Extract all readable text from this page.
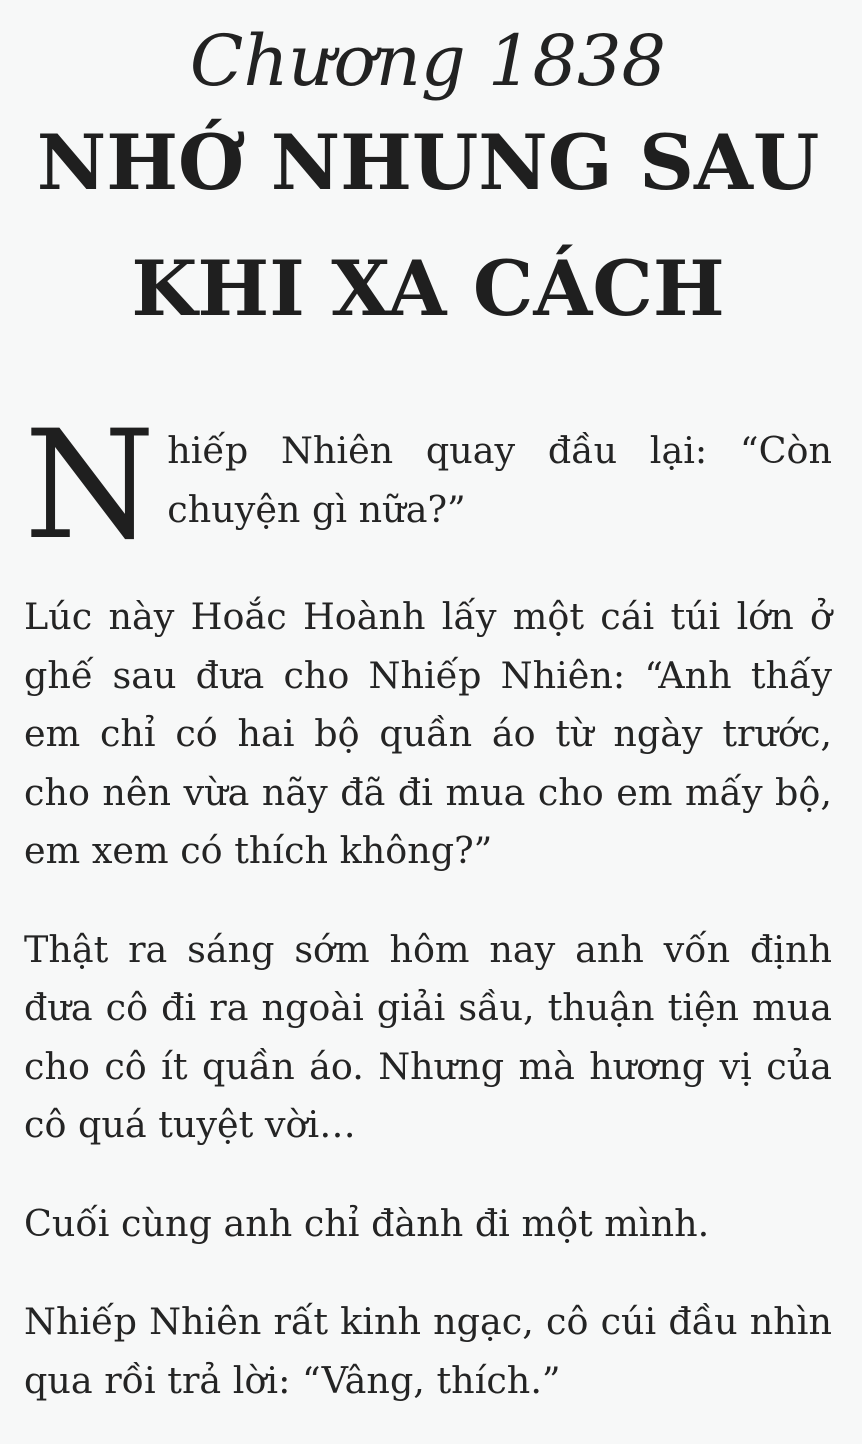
Chương 1838
NHỚ NHUNG SAU
KHI XA CÁCH

Nhiếp Nhiên quay đầu lại: “Còn chuyện gì nữa?”

Lúc này Hoắc Hoành lấy một cái túi lớn ở ghế sau đưa cho Nhiếp Nhiên: “Anh thấy em chỉ có hai bộ quần áo từ ngày trước, cho nên vừa nãy đã đi mua cho em mấy bộ, em xem có thích không?”

Thật ra sáng sớm hôm nay anh vốn định đưa cô đi ra ngoài giải sầu, thuận tiện mua cho cô ít quần áo. Nhưng mà hương vị của cô quá tuyệt vời…

Cuối cùng anh chỉ đành đi một mình.

Nhiếp Nhiên rất kinh ngạc, cô cúi đầu nhìn qua rồi trả lời: “Vâng, thích.”
